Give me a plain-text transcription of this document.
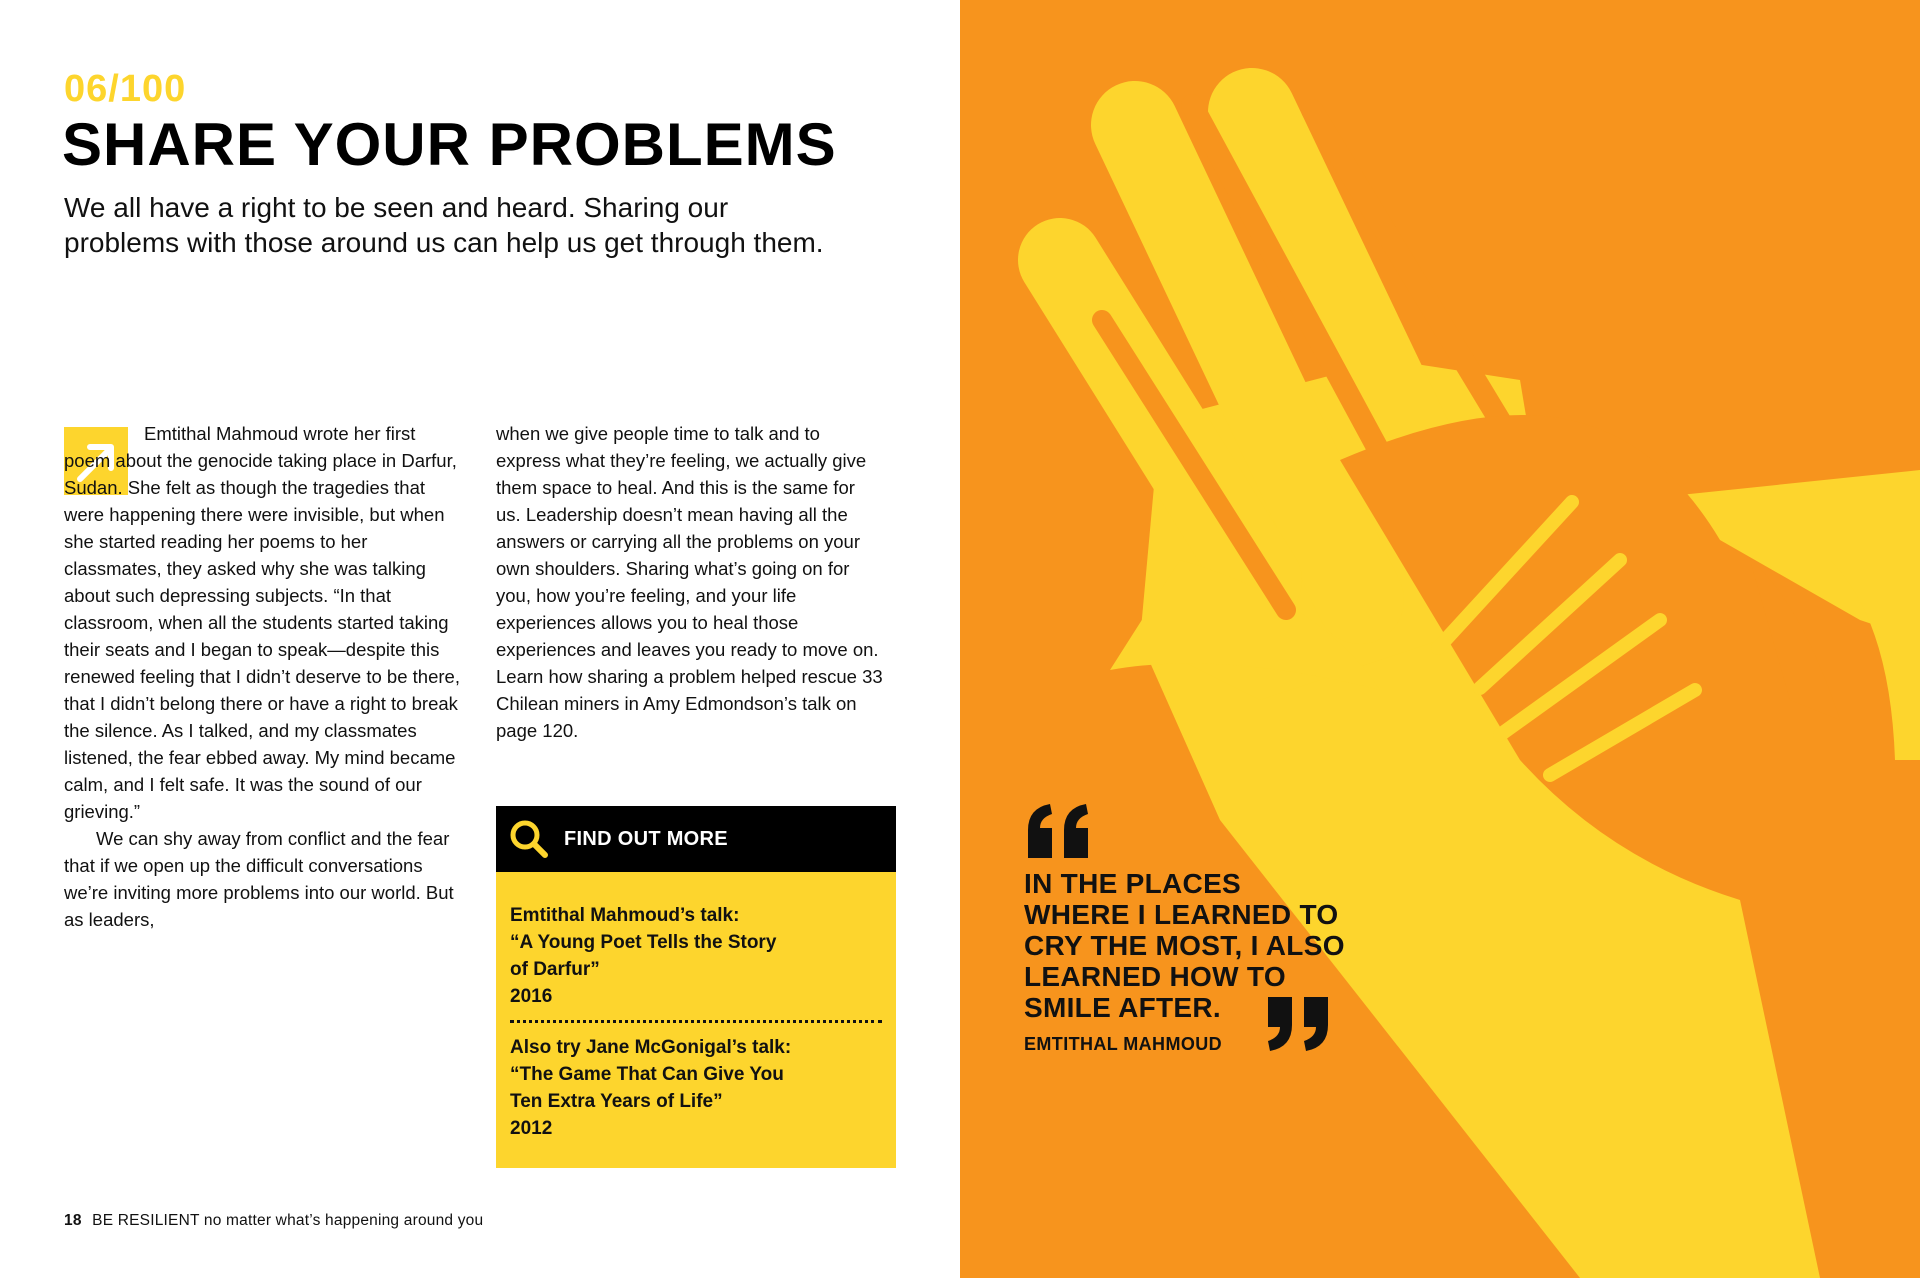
06/100
SHARE YOUR PROBLEMS

We all have a right to be seen and heard. Sharing our problems with those around us can help us get through them.

Emtithal Mahmoud wrote her first poem about the genocide taking place in Darfur, Sudan. She felt as though the tragedies that were happening there were invisible, but when she started reading her poems to her classmates, they asked why she was talking about such depressing subjects. “In that classroom, when all the students started taking their seats and I began to speak—despite this renewed feeling that I didn’t deserve to be there, that I didn’t belong there or have a right to break the silence. As I talked, and my classmates listened, the fear ebbed away. My mind became calm, and I felt safe. It was the sound of our grieving.”

We can shy away from conflict and the fear that if we open up the difficult conversations we’re inviting more problems into our world. But as leaders,

when we give people time to talk and to express what they’re feeling, we actually give them space to heal. And this is the same for us. Leadership doesn’t mean having all the answers or carrying all the problems on your own shoulders. Sharing what’s going on for you, how you’re feeling, and your life experiences allows you to heal those experiences and leaves you ready to move on. Learn how sharing a problem helped rescue 33 Chilean miners in Amy Edmondson’s talk on page 120.

FIND OUT MORE

Emtithal Mahmoud’s talk:

“A Young Poet Tells the Story

of Darfur”

2016

Also try Jane McGonigal’s talk:

“The Game That Can Give You

Ten Extra Years of Life”

2012

18 BE RESILIENT no matter what’s happening around you

IN THE PLACES
WHERE I LEARNED TO
CRY THE MOST, I ALSO
LEARNED HOW TO
SMILE AFTER.

EMTITHAL MAHMOUD
